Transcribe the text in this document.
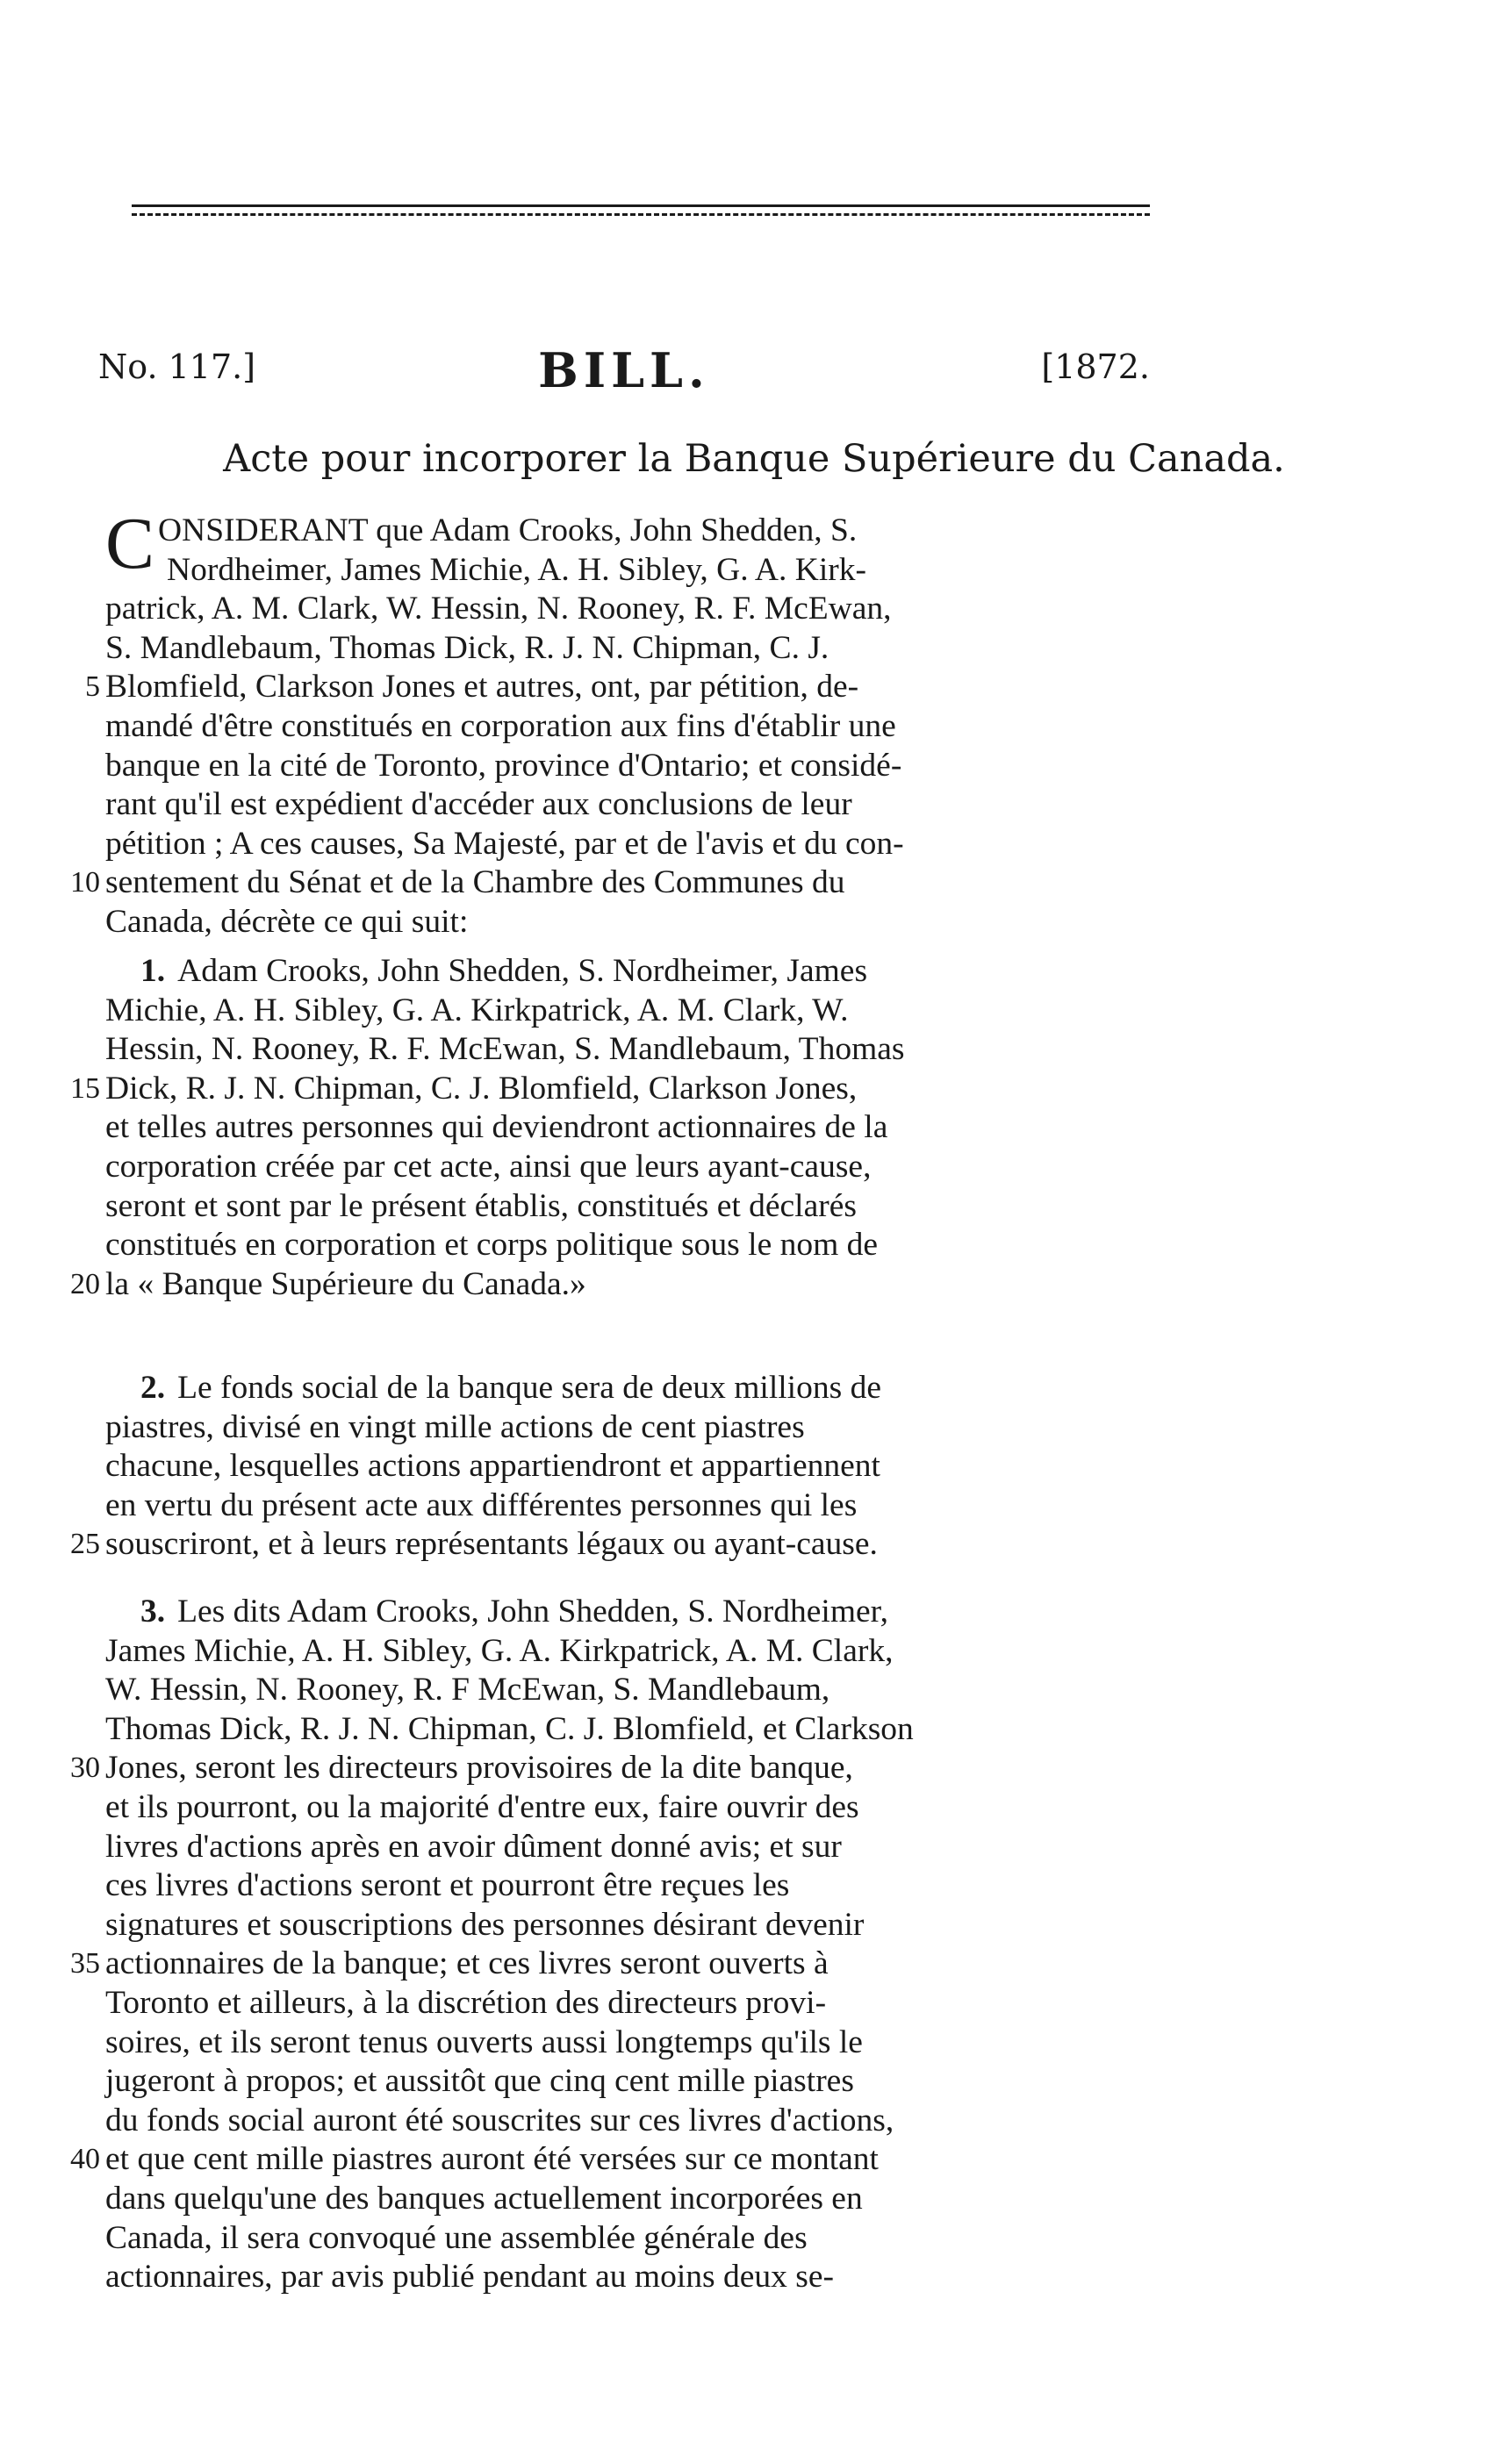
No. 117.]	BILL.	[1872.
Acte pour incorporer la Banque Supérieure du Canada.
C ONSIDERANT que Adam Crooks, John Shedden, S.
Nordheimer, James Michie, A. H. Sibley, G. A. Kirk-
patrick, A. M. Clark, W. Hessin, N. Rooney, R. F. McEwan,
S. Mandlebaum, Thomas Dick, R. J. N. Chipman, C. J.
5 Blomfield, Clarkson Jones et autres, ont, par pétition, de-
mandé d'être constitués en corporation aux fins d'établir une
banque en la cité de Toronto, province d'Ontario; et considé-
rant qu'il est expédient d'accéder aux conclusions de leur
pétition ; A ces causes, Sa Majesté, par et de l'avis et du con-
10 sentement du Sénat et de la Chambre des Communes du
Canada, décrète ce qui suit:
1. Adam Crooks, John Shedden, S. Nordheimer, James
Michie, A. H. Sibley, G. A. Kirkpatrick, A. M. Clark, W.
Hessin, N. Rooney, R. F. McEwan, S. Mandlebaum, Thomas
15 Dick, R. J. N. Chipman, C. J. Blomfield, Clarkson Jones,
et telles autres personnes qui deviendront actionnaires de la
corporation créée par cet acte, ainsi que leurs ayant-cause,
seront et sont par le présent établis, constitués et déclarés
constitués en corporation et corps politique sous le nom de
20 la « Banque Supérieure du Canada.»
2. Le fonds social de la banque sera de deux millions de
piastres, divisé en vingt mille actions de cent piastres
chacune, lesquelles actions appartiendront et appartiennent
en vertu du présent acte aux différentes personnes qui les
25 souscriront, et à leurs représentants légaux ou ayant-cause.
3. Les dits Adam Crooks, John Shedden, S. Nordheimer,
James Michie, A. H. Sibley, G. A. Kirkpatrick, A. M. Clark,
W. Hessin, N. Rooney, R. F McEwan, S. Mandlebaum,
Thomas Dick, R. J. N. Chipman, C. J. Blomfield, et Clarkson
30 Jones, seront les directeurs provisoires de la dite banque,
et ils pourront, ou la majorité d'entre eux, faire ouvrir des
livres d'actions après en avoir dûment donné avis; et sur
ces livres d'actions seront et pourront être reçues les
signatures et souscriptions des personnes désirant devenir
35 actionnaires de la banque; et ces livres seront ouverts à
Toronto et ailleurs, à la discrétion des directeurs provi-
soires, et ils seront tenus ouverts aussi longtemps qu'ils le
jugeront à propos; et aussitôt que cinq cent mille piastres
du fonds social auront été souscrites sur ces livres d'actions,
40 et que cent mille piastres auront été versées sur ce montant
dans quelqu'une des banques actuellement incorporées en
Canada, il sera convoqué une assemblée générale des
actionnaires, par avis publié pendant au moins deux se-
